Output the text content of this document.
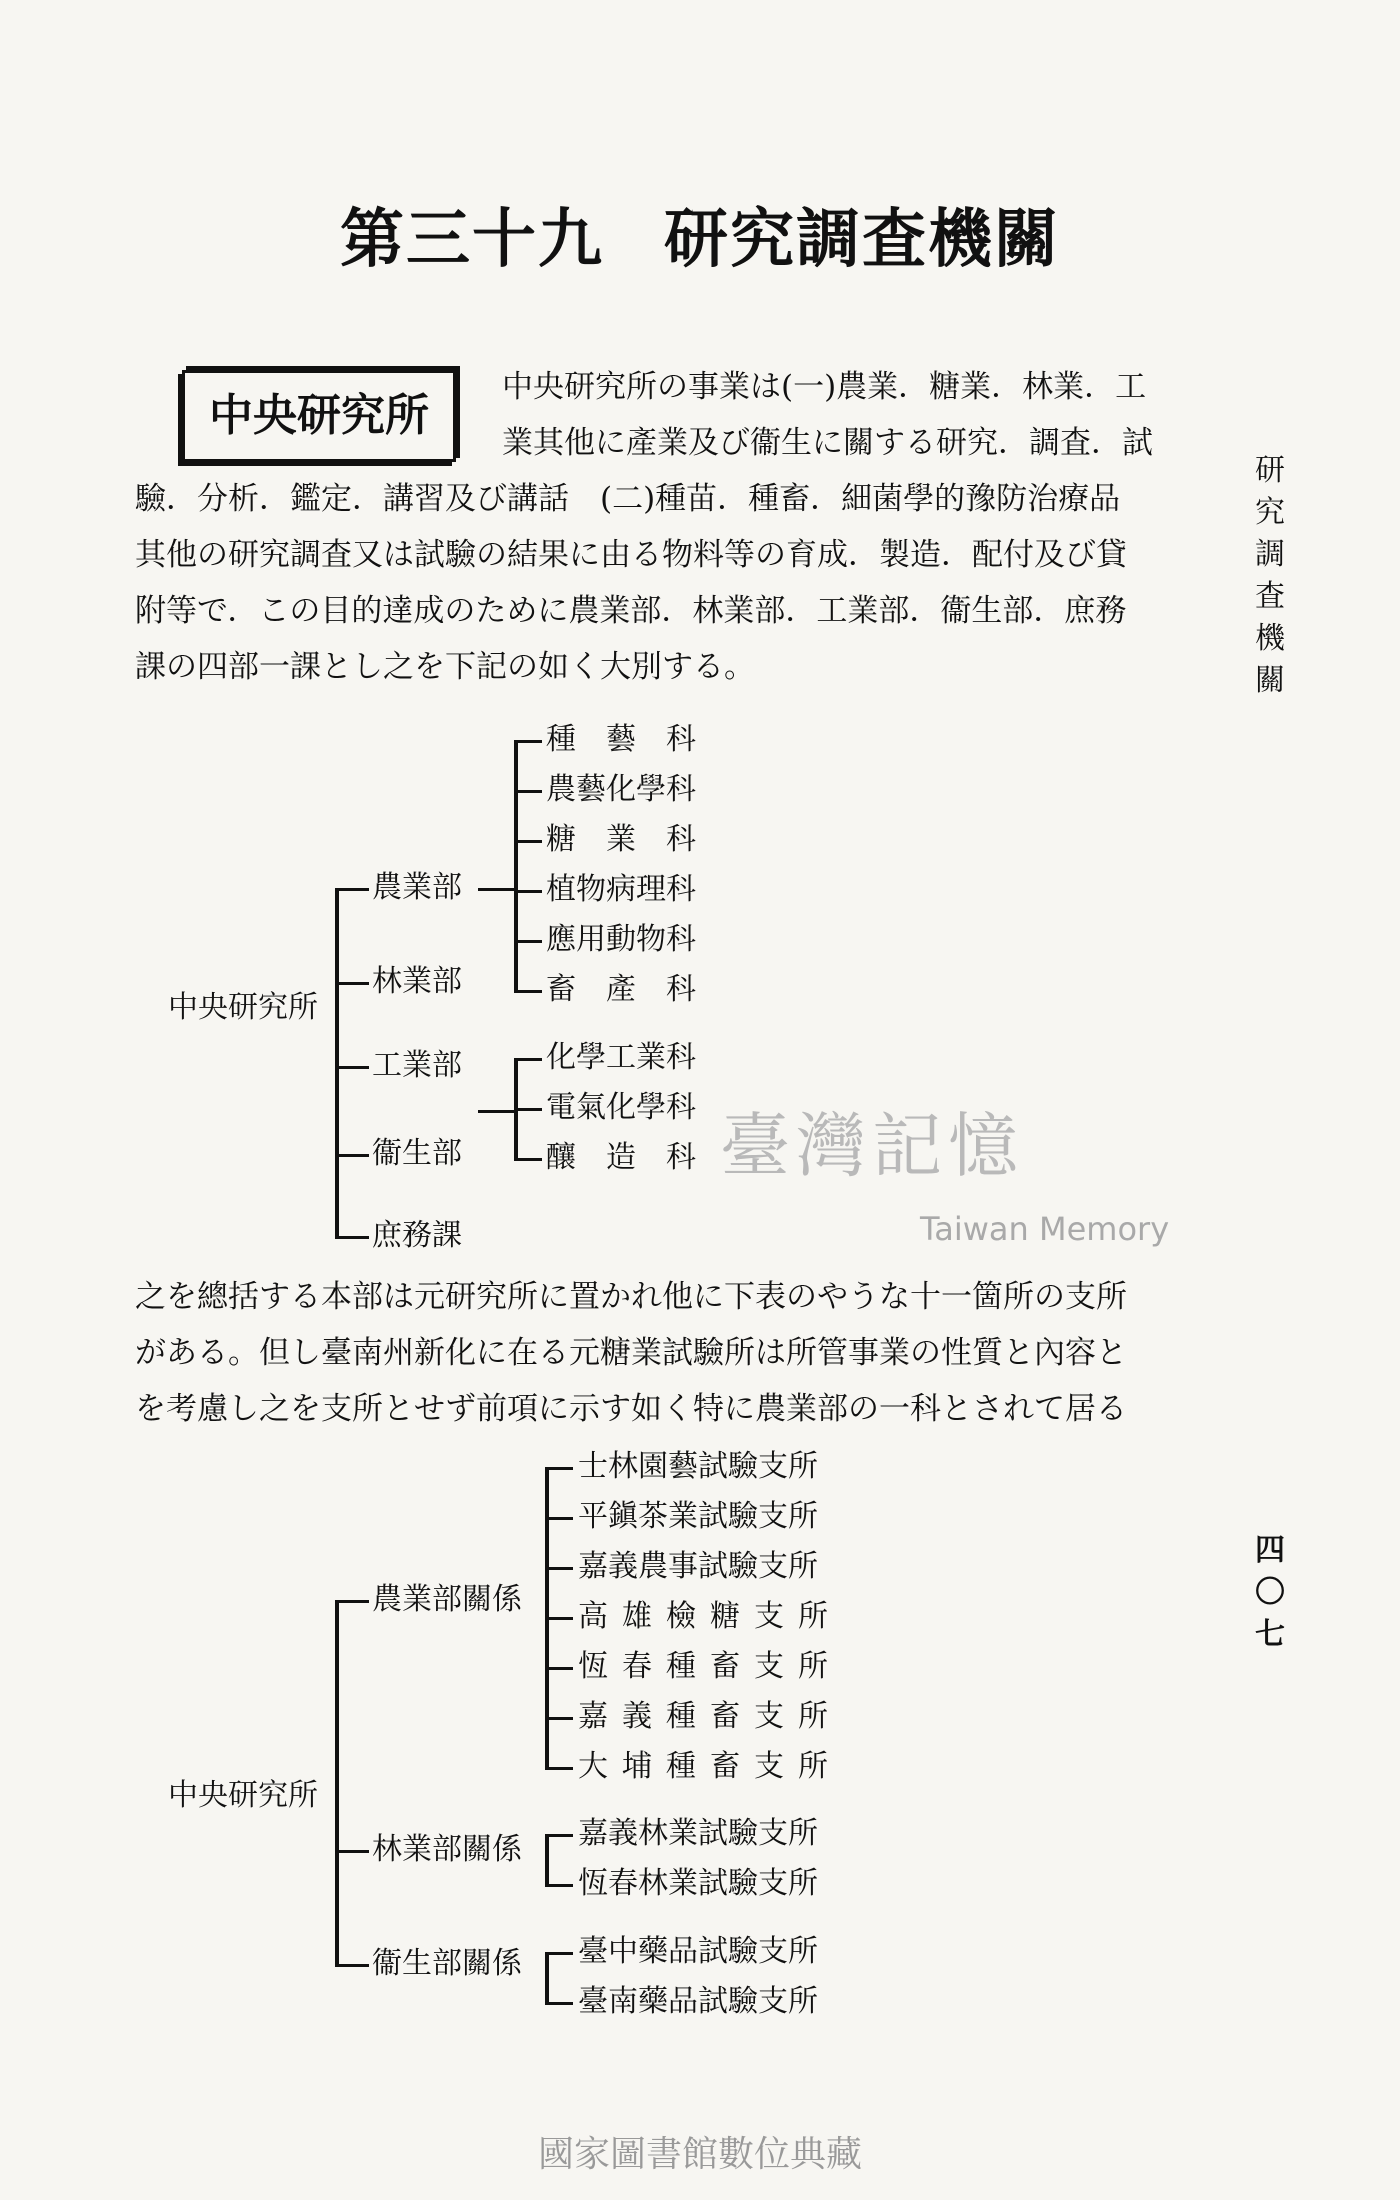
第三十九 研究調査機關
研究調査機關
四〇七
中央研究所
中央研究所の事業は(一)農業．糖業．林業．工
業其他に產業及び衞生に關する研究．調査．試
驗．分析．鑑定．講習及び講話　(二)種苗．種畜．細菌學的豫防治療品
其他の研究調査又は試驗の結果に由る物料等の育成．製造．配付及び貸
附等で．この目的達成のために農業部．林業部．工業部．衞生部．庶務
課の四部一課とし之を下記の如く大別する。
中央研究所
農業部
林業部
工業部
衞生部
庶務課
種　藝　科
農藝化學科
糖　業　科
植物病理科
應用動物科
畜　產　科
化學工業科
電氣化學科
釀　造　科 臺灣記憶
Taiwan Memory
之を總括する本部は元研究所に置かれ他に下表のやうな十一箇所の支所
がある。但し臺南州新化に在る元糖業試驗所は所管事業の性質と內容と
を考慮し之を支所とせず前項に示す如く特に農業部の一科とされて居る
中央研究所
農業部關係
林業部關係
衞生部關係
士林園藝試驗支所
平鎭茶業試驗支所
嘉義農事試驗支所
高雄檢糖支所
恆春種畜支所
嘉義種畜支所
大埔種畜支所
嘉義林業試驗支所
恆春林業試驗支所
臺中藥品試驗支所
臺南藥品試驗支所
國家圖書館數位典藏
